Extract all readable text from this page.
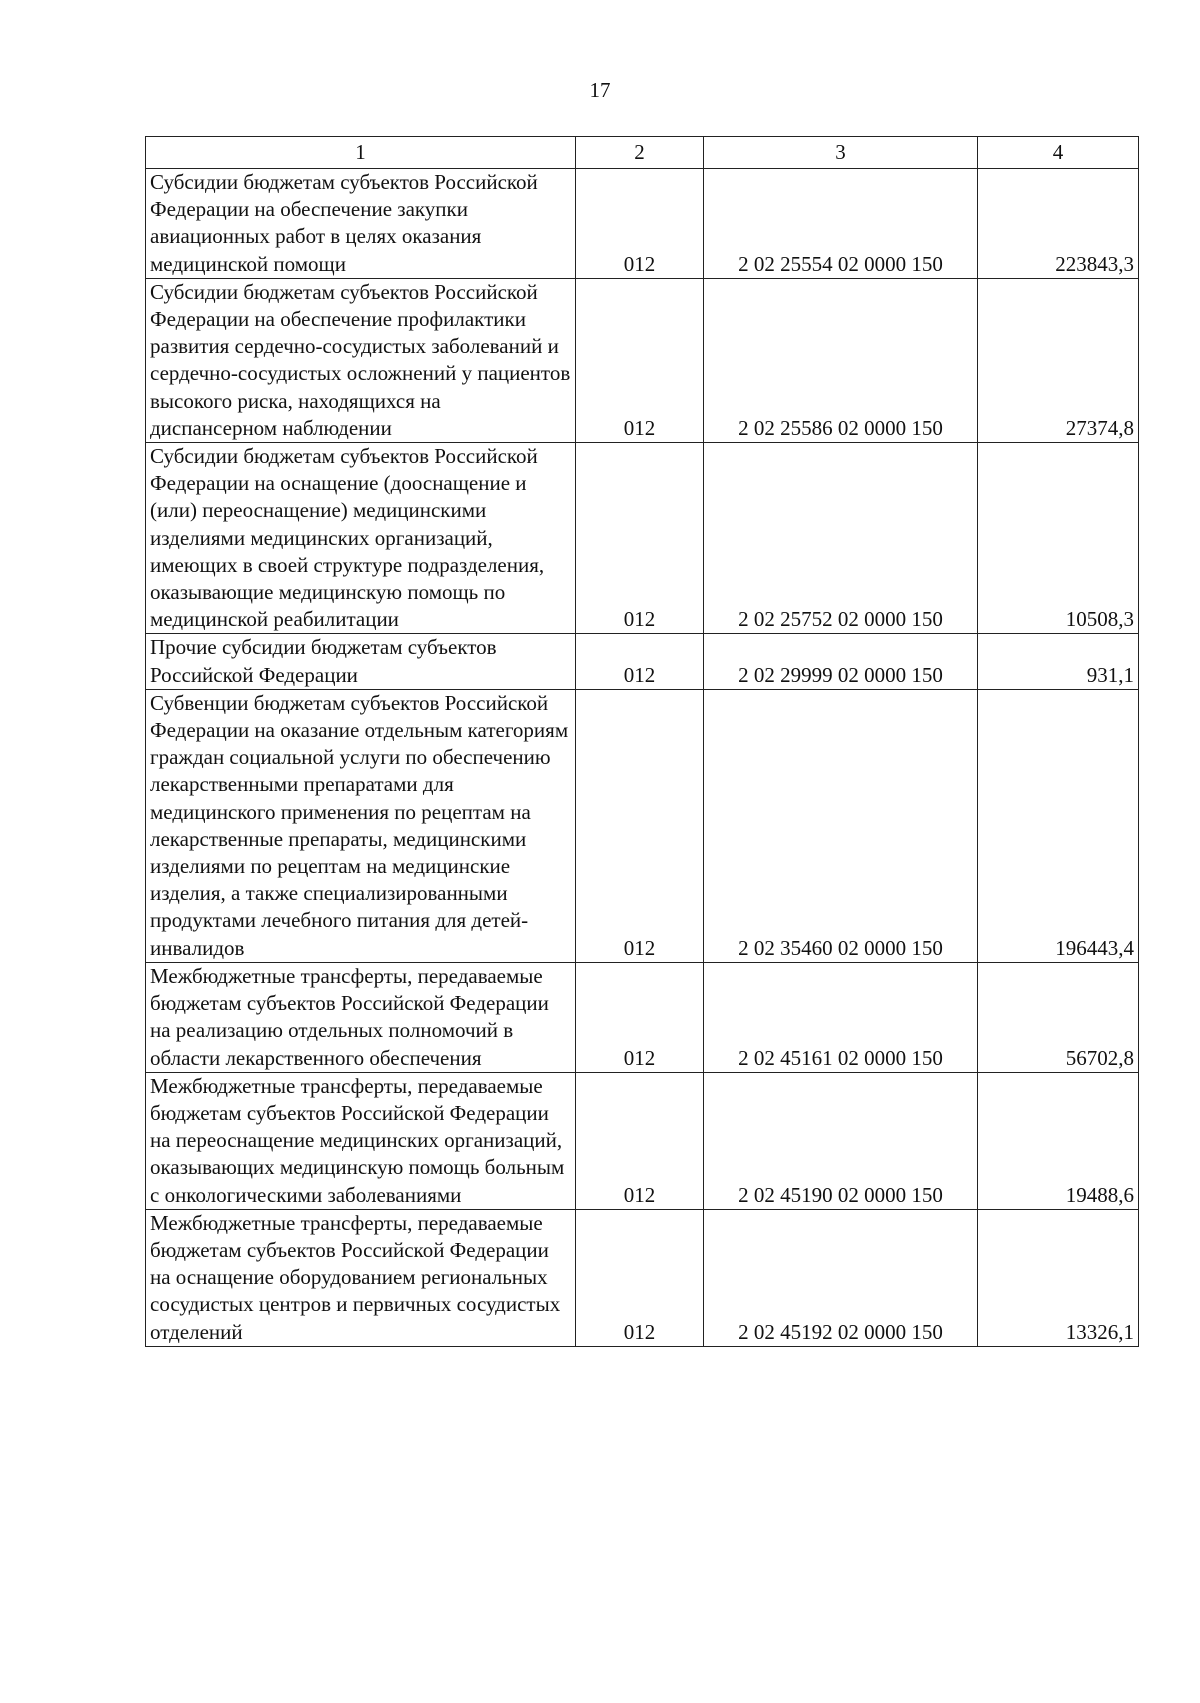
17
1	2	3	4
Субсидии бюджетам субъектов Российской Федерации на обеспечение закупки авиационных работ в целях оказания медицинской помощи	012	2 02 25554 02 0000 150	223843,3
Субсидии бюджетам субъектов Российской Федерации на обеспечение профилактики развития сердечно-сосудистых заболеваний и сердечно-сосудистых осложнений у пациентов высокого риска, находящихся на диспансерном наблюдении	012	2 02 25586 02 0000 150	27374,8
Субсидии бюджетам субъектов Российской Федерации на оснащение (дооснащение и (или) переоснащение) медицинскими изделиями медицинских организаций, имеющих в своей структуре подразделения, оказывающие медицинскую помощь по медицинской реабилитации	012	2 02 25752 02 0000 150	10508,3
Прочие субсидии бюджетам субъектов Российской Федерации	012	2 02 29999 02 0000 150	931,1
Субвенции бюджетам субъектов Российской Федерации на оказание отдельным категориям граждан социальной услуги по обеспечению лекарственными препаратами для медицинского применения по рецептам на лекарственные препараты, медицинскими изделиями по рецептам на медицинские изделия, а также специализированными продуктами лечебного питания для детей-инвалидов	012	2 02 35460 02 0000 150	196443,4
Межбюджетные трансферты, передаваемые бюджетам субъектов Российской Федерации на реализацию отдельных полномочий в области лекарственного обеспечения	012	2 02 45161 02 0000 150	56702,8
Межбюджетные трансферты, передаваемые бюджетам субъектов Российской Федерации на переоснащение медицинских организаций, оказывающих медицинскую помощь больным с онкологическими заболеваниями	012	2 02 45190 02 0000 150	19488,6
Межбюджетные трансферты, передаваемые бюджетам субъектов Российской Федерации на оснащение оборудованием региональных сосудистых центров и первичных сосудистых отделений	012	2 02 45192 02 0000 150	13326,1
